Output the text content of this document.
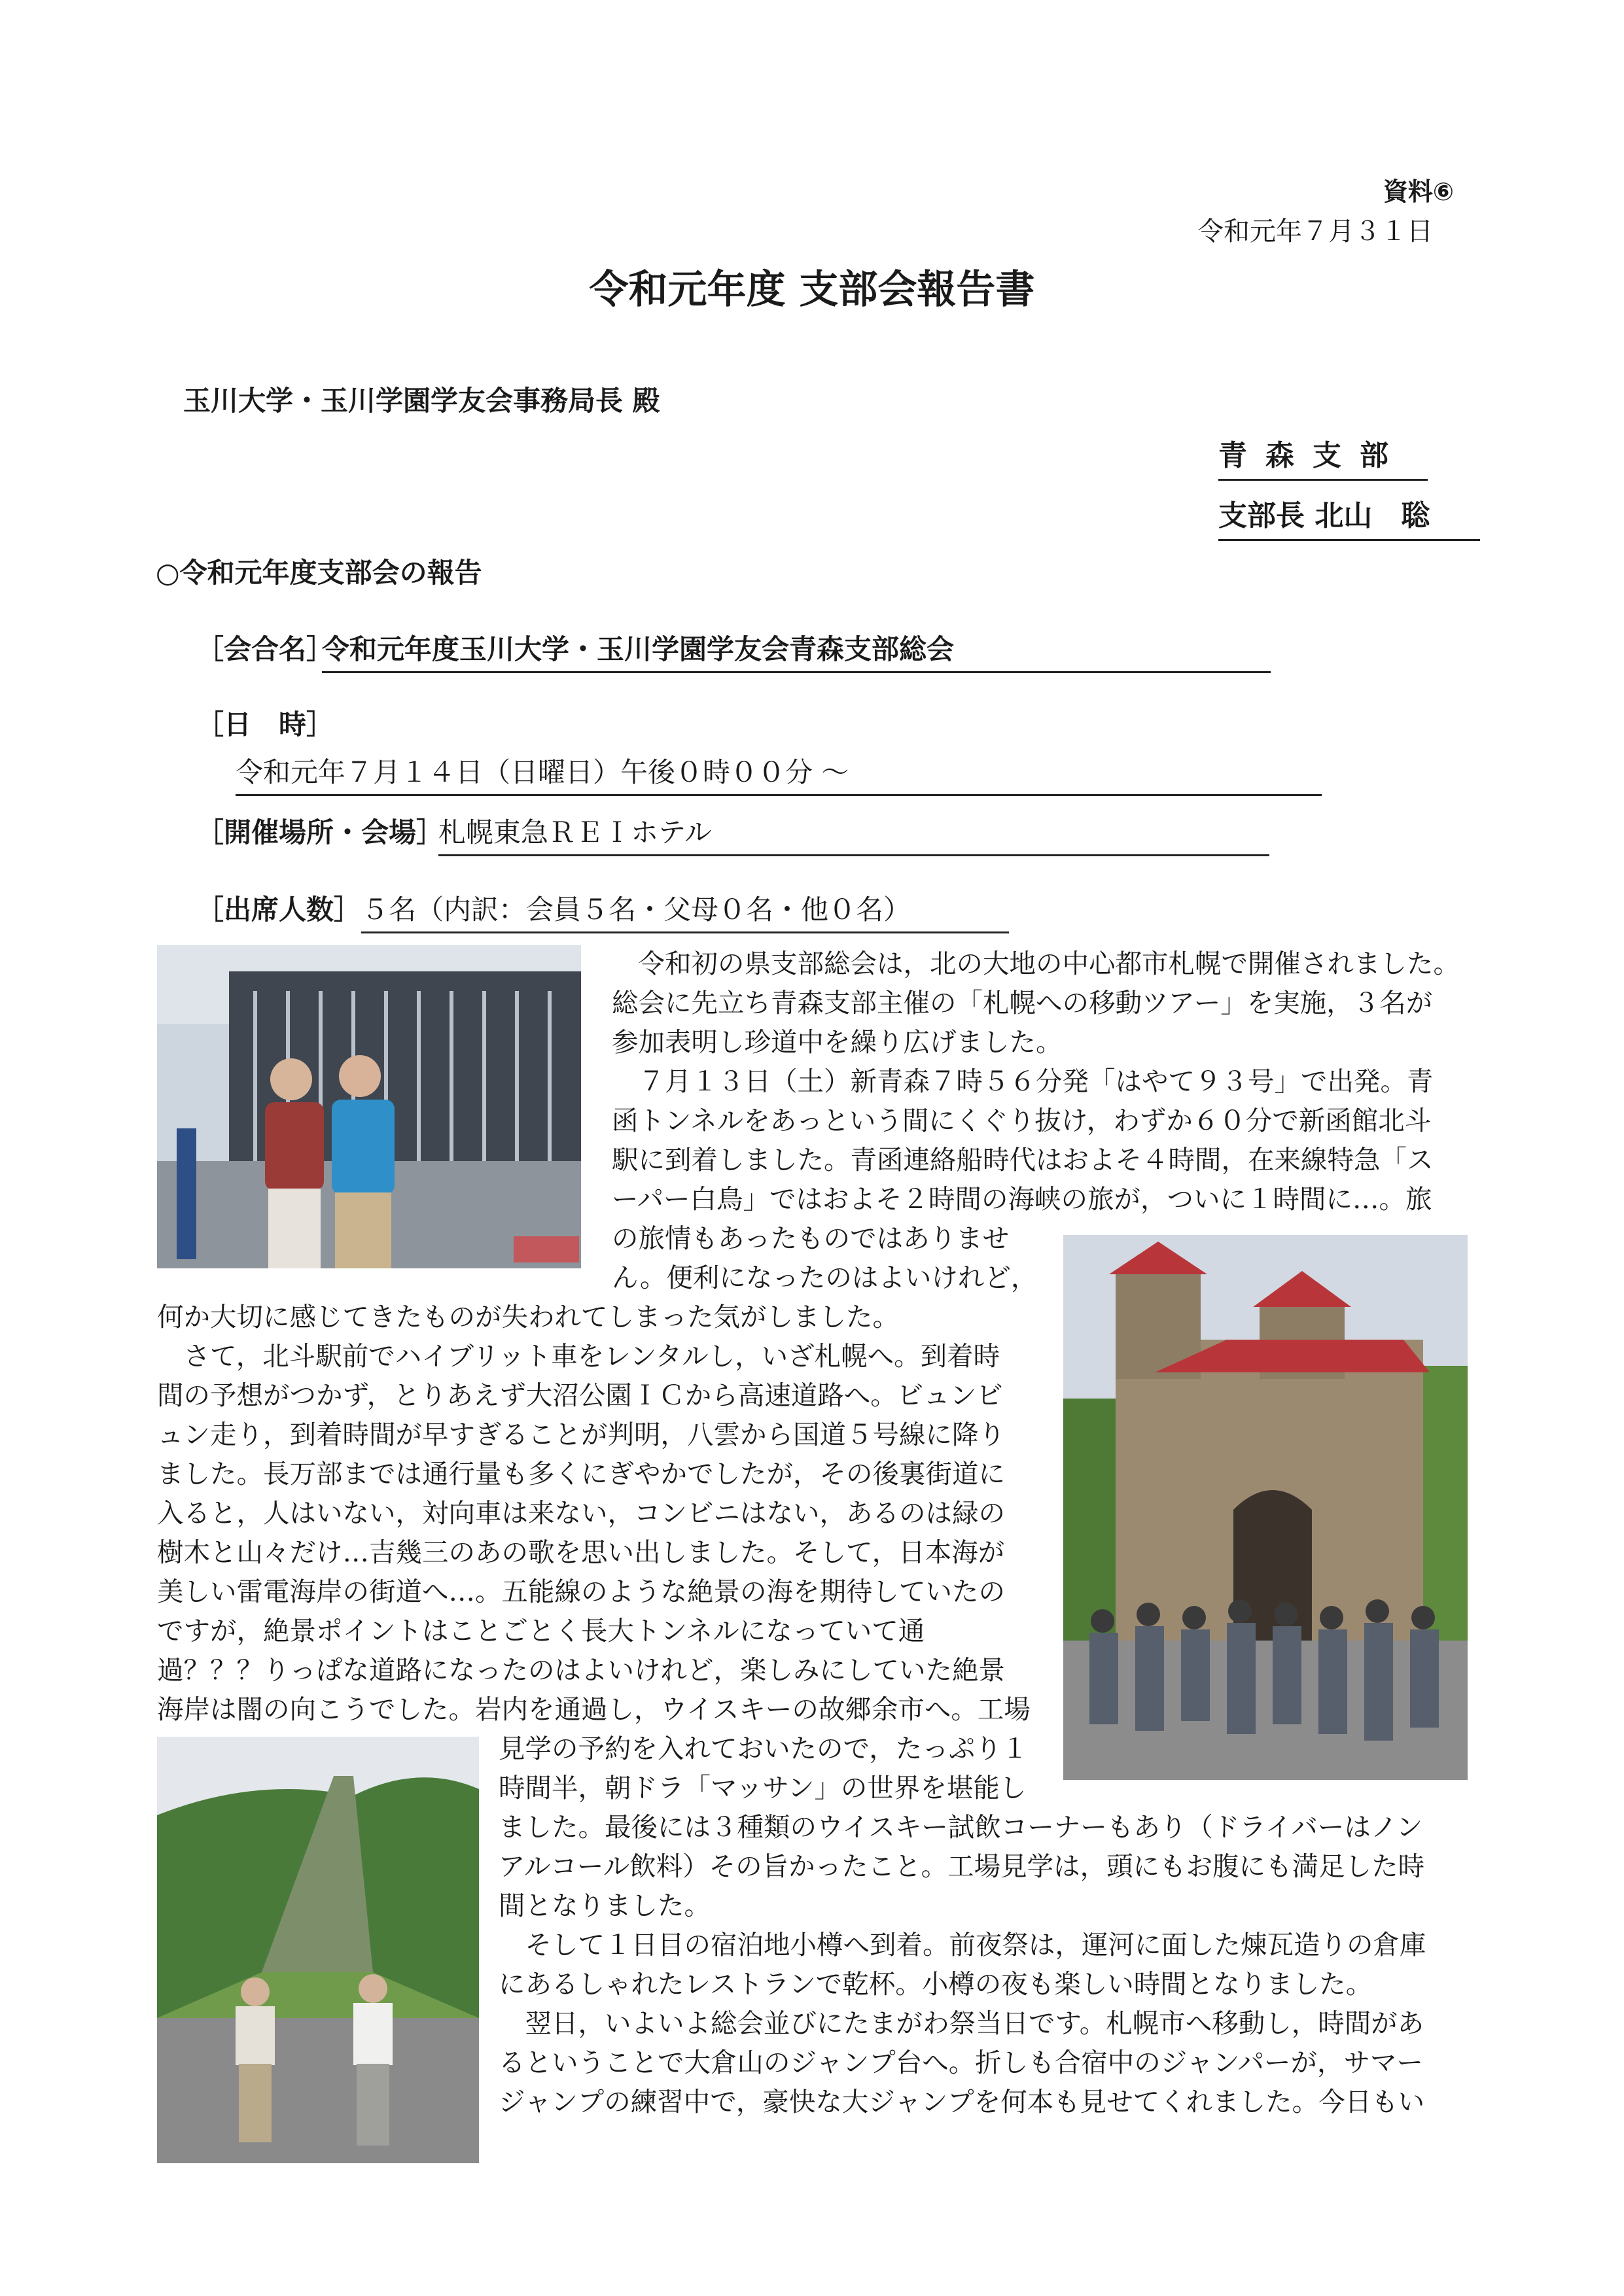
資料⑥
令和元年７月３１日
令和元年度 支部会報告書
玉川大学・玉川学園学友会事務局長 殿
青森支部
支部長 北山　聡
○令和元年度支部会の報告
［会合名］
令和元年度玉川大学・玉川学園学友会青森支部総会
［日　時］
令和元年７月１４日（日曜日）午後０時００分 ～
［開催場所・会場］
札幌東急ＲＥＩホテル
［出席人数］ ５名（内訳：会員５名・父母０名・他０名）
　令和初の県支部総会は，北の大地の中心都市札幌で開催されました。
総会に先立ち青森支部主催の「札幌への移動ツアー」を実施，３名が
参加表明し珍道中を繰り広げました。
　７月１３日（土）新青森７時５６分発「はやて９３号」で出発。青
函トンネルをあっという間にくぐり抜け，わずか６０分で新函館北斗
駅に到着しました。青函連絡船時代はおよそ４時間，在来線特急「ス
ーパー白鳥」ではおよそ２時間の海峡の旅が，ついに１時間に…。旅
の旅情もあったものではありませ
ん。便利になったのはよいけれど，
何か大切に感じてきたものが失われてしまった気がしました。
　さて，北斗駅前でハイブリット車をレンタルし，いざ札幌へ。到着時
間の予想がつかず，とりあえず大沼公園ＩＣから高速道路へ。ビュンビ
ュン走り，到着時間が早すぎることが判明，八雲から国道５号線に降り
ました。長万部までは通行量も多くにぎやかでしたが，その後裏街道に
入ると，人はいない，対向車は来ない，コンビニはない，あるのは緑の
樹木と山々だけ…吉幾三のあの歌を思い出しました。そして，日本海が
美しい雷電海岸の街道へ…。五能線のような絶景の海を期待していたの
ですが，絶景ポイントはことごとく長大トンネルになっていて通
過？？？りっぱな道路になったのはよいけれど，楽しみにしていた絶景
海岸は闇の向こうでした。岩内を通過し，ウイスキーの故郷余市へ。工場
見学の予約を入れておいたので，たっぷり１
時間半，朝ドラ「マッサン」の世界を堪能し
ました。最後には３種類のウイスキー試飲コーナーもあり（ドライバーはノン
アルコール飲料）その旨かったこと。工場見学は，頭にもお腹にも満足した時
間となりました。
　そして１日目の宿泊地小樽へ到着。前夜祭は，運河に面した煉瓦造りの倉庫
にあるしゃれたレストランで乾杯。小樽の夜も楽しい時間となりました。
　翌日，いよいよ総会並びにたまがわ祭当日です。札幌市へ移動し，時間があ
るということで大倉山のジャンプ台へ。折しも合宿中のジャンパーが，サマー
ジャンプの練習中で，豪快な大ジャンプを何本も見せてくれました。今日もい
